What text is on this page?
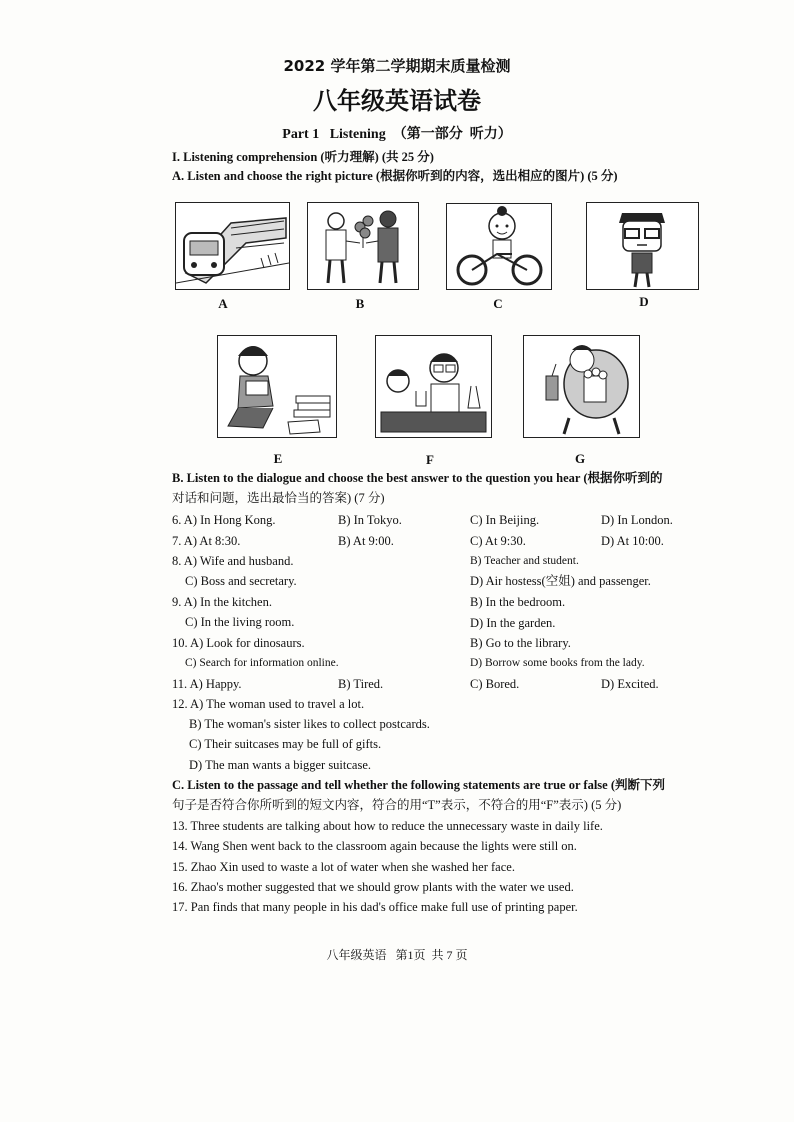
2022 学年第二学期期末质量检测
八年级英语试卷
Part 1   Listening  （第一部分  听力）
I. Listening comprehension (听力理解) (共 25 分)
A. Listen and choose the right picture (根据你听到的内容，选出相应的图片) (5 分)
A	B	C	D
E	F	G
B. Listen to the dialogue and choose the best answer to the question you hear (根据你听到的
对话和问题，选出最恰当的答案) (7 分)
6. A) In Hong Kong.	B) In Tokyo.	C) In Beijing.	D) In London.
7. A) At 8:30.	B) At 9:00.	C) At 9:30.	D) At 10:00.
8. A) Wife and husband.	B) Teacher and student.
C) Boss and secretary.	D) Air hostess(空姐) and passenger.
9. A) In the kitchen.	B) In the bedroom.
C) In the living room.	D) In the garden.
10. A) Look for dinosaurs.	B) Go to the library.
C) Search for information online.	D) Borrow some books from the lady.
11. A) Happy.	B) Tired.	C) Bored.	D) Excited.
12. A) The woman used to travel a lot.
B) The woman's sister likes to collect postcards.
C) Their suitcases may be full of gifts.
D) The man wants a bigger suitcase.
C. Listen to the passage and tell whether the following statements are true or false (判断下列
句子是否符合你所听到的短文内容，符合的用“T”表示，不符合的用“F”表示) (5 分)
13. Three students are talking about how to reduce the unnecessary waste in daily life.
14. Wang Shen went back to the classroom again because the lights were still on.
15. Zhao Xin used to waste a lot of water when she washed her face.
16. Zhao's mother suggested that we should grow plants with the water we used.
17. Pan finds that many people in his dad's office make full use of printing paper.
八年级英语   第1页  共 7 页
